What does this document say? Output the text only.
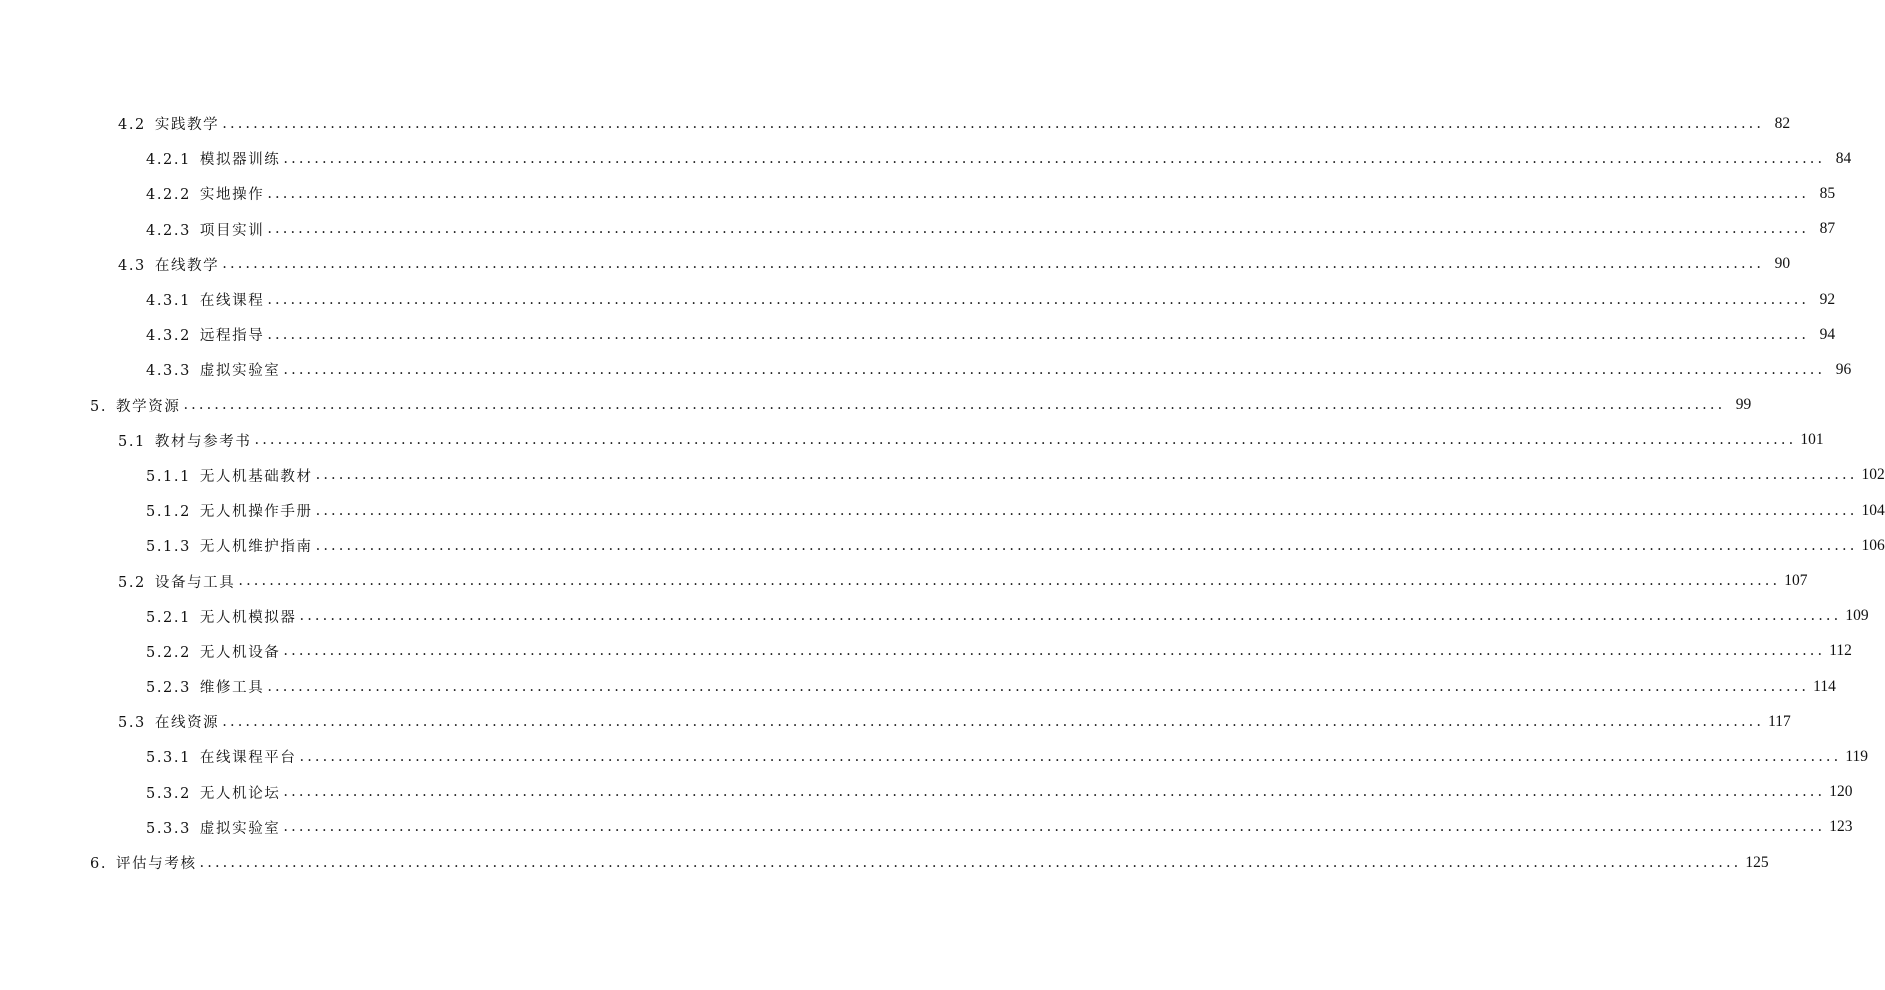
4.2 实践教学 ........................................................................................................................................................................................................ 82
4.2.1 模拟器训练 ........................................................................................................................................................................................................ 84
4.2.2 实地操作 ........................................................................................................................................................................................................ 85
4.2.3 项目实训 ........................................................................................................................................................................................................ 87
4.3 在线教学 ........................................................................................................................................................................................................ 90
4.3.1 在线课程 ........................................................................................................................................................................................................ 92
4.3.2 远程指导 ........................................................................................................................................................................................................ 94
4.3.3 虚拟实验室 ........................................................................................................................................................................................................ 96
5. 教学资源 ........................................................................................................................................................................................................ 99
5.1 教材与参考书 ........................................................................................................................................................................................................ 101
5.1.1 无人机基础教材 ........................................................................................................................................................................................................ 102
5.1.2 无人机操作手册 ........................................................................................................................................................................................................ 104
5.1.3 无人机维护指南 ........................................................................................................................................................................................................ 106
5.2 设备与工具 ........................................................................................................................................................................................................ 107
5.2.1 无人机模拟器 ........................................................................................................................................................................................................ 109
5.2.2 无人机设备 ........................................................................................................................................................................................................ 112
5.2.3 维修工具 ........................................................................................................................................................................................................ 114
5.3 在线资源 ........................................................................................................................................................................................................ 117
5.3.1 在线课程平台 ........................................................................................................................................................................................................ 119
5.3.2 无人机论坛 ........................................................................................................................................................................................................ 120
5.3.3 虚拟实验室 ........................................................................................................................................................................................................ 123
6. 评估与考核 ........................................................................................................................................................................................................ 125
